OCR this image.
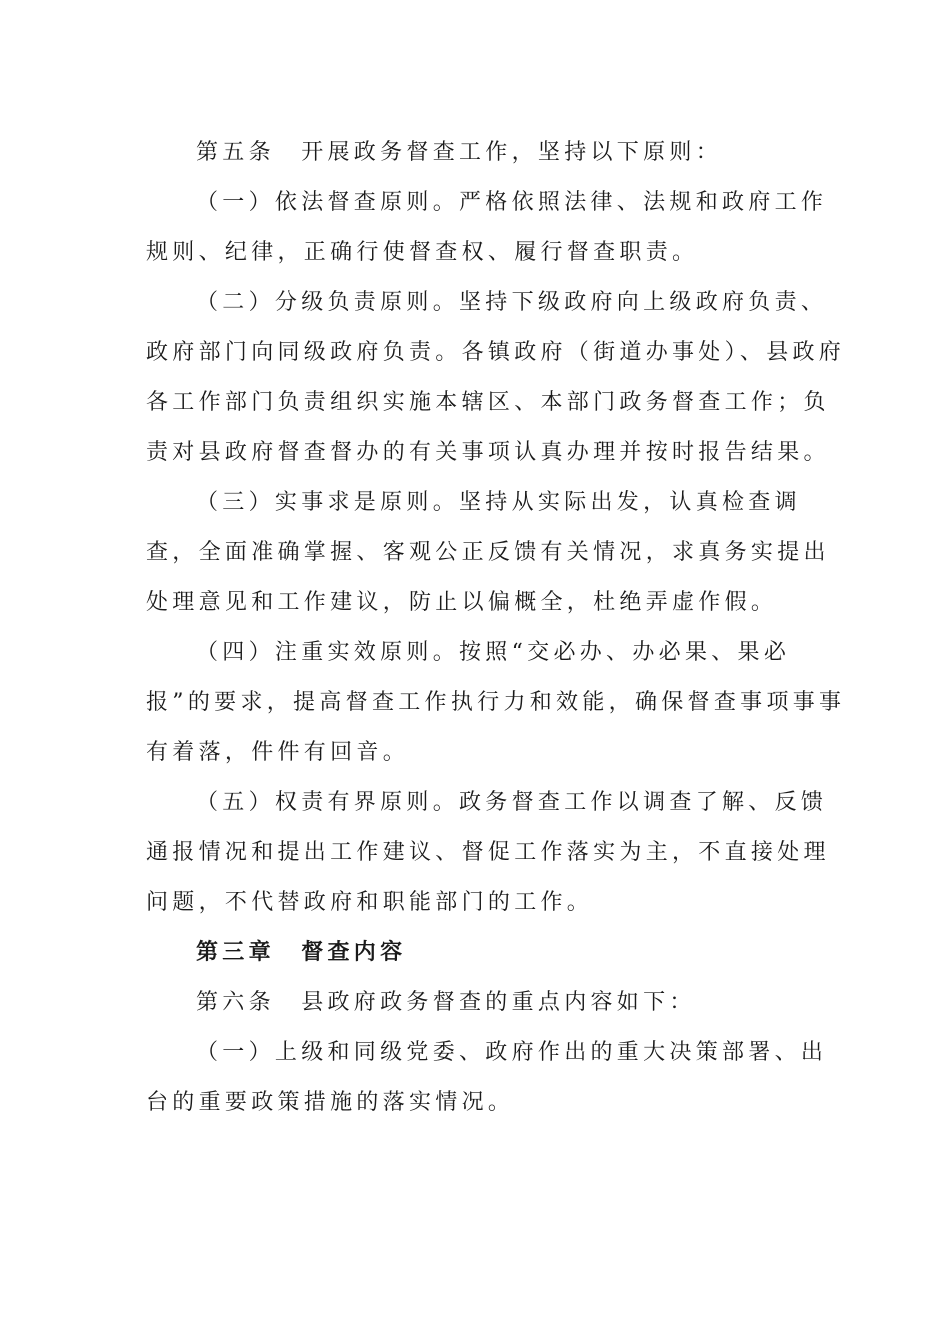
第五条　开展政务督查工作，坚持以下原则：

（一）依法督查原则。严格依照法律、法规和政府工作规则、纪律，正确行使督查权、履行督查职责。

（二）分级负责原则。坚持下级政府向上级政府负责、政府部门向同级政府负责。各镇政府（街道办事处）、县政府各工作部门负责组织实施本辖区、本部门政务督查工作；负责对县政府督查督办的有关事项认真办理并按时报告结果。

（三）实事求是原则。坚持从实际出发，认真检查调查，全面准确掌握、客观公正反馈有关情况，求真务实提出处理意见和工作建议，防止以偏概全，杜绝弄虚作假。

（四）注重实效原则。按照“交必办、办必果、果必报”的要求，提高督查工作执行力和效能，确保督查事项事事有着落，件件有回音。

（五）权责有界原则。政务督查工作以调查了解、反馈通报情况和提出工作建议、督促工作落实为主，不直接处理问题，不代替政府和职能部门的工作。

第三章　督查内容

第六条　县政府政务督查的重点内容如下：

（一）上级和同级党委、政府作出的重大决策部署、出台的重要政策措施的落实情况。
